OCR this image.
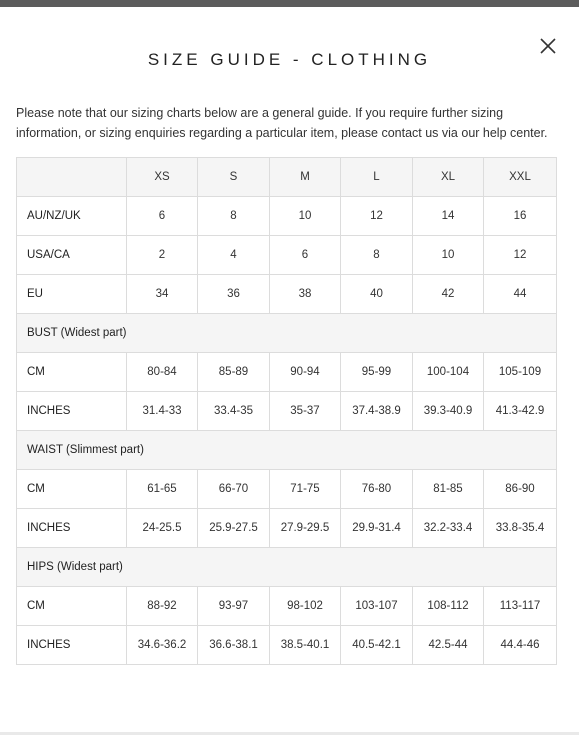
SIZE GUIDE - CLOTHING
Please note that our sizing charts below are a general guide. If you require further sizing information, or sizing enquiries regarding a particular item, please contact us via our help center.
	XS	S	M	L	XL	XXL
AU/NZ/UK	6	8	10	12	14	16
USA/CA	2	4	6	8	10	12
EU	34	36	38	40	42	44
BUST (Widest part)						
CM	80-84	85-89	90-94	95-99	100-104	105-109
INCHES	31.4-33	33.4-35	35-37	37.4-38.9	39.3-40.9	41.3-42.9
WAIST (Slimmest part)						
CM	61-65	66-70	71-75	76-80	81-85	86-90
INCHES	24-25.5	25.9-27.5	27.9-29.5	29.9-31.4	32.2-33.4	33.8-35.4
HIPS (Widest part)						
CM	88-92	93-97	98-102	103-107	108-112	113-117
INCHES	34.6-36.2	36.6-38.1	38.5-40.1	40.5-42.1	42.5-44	44.4-46
